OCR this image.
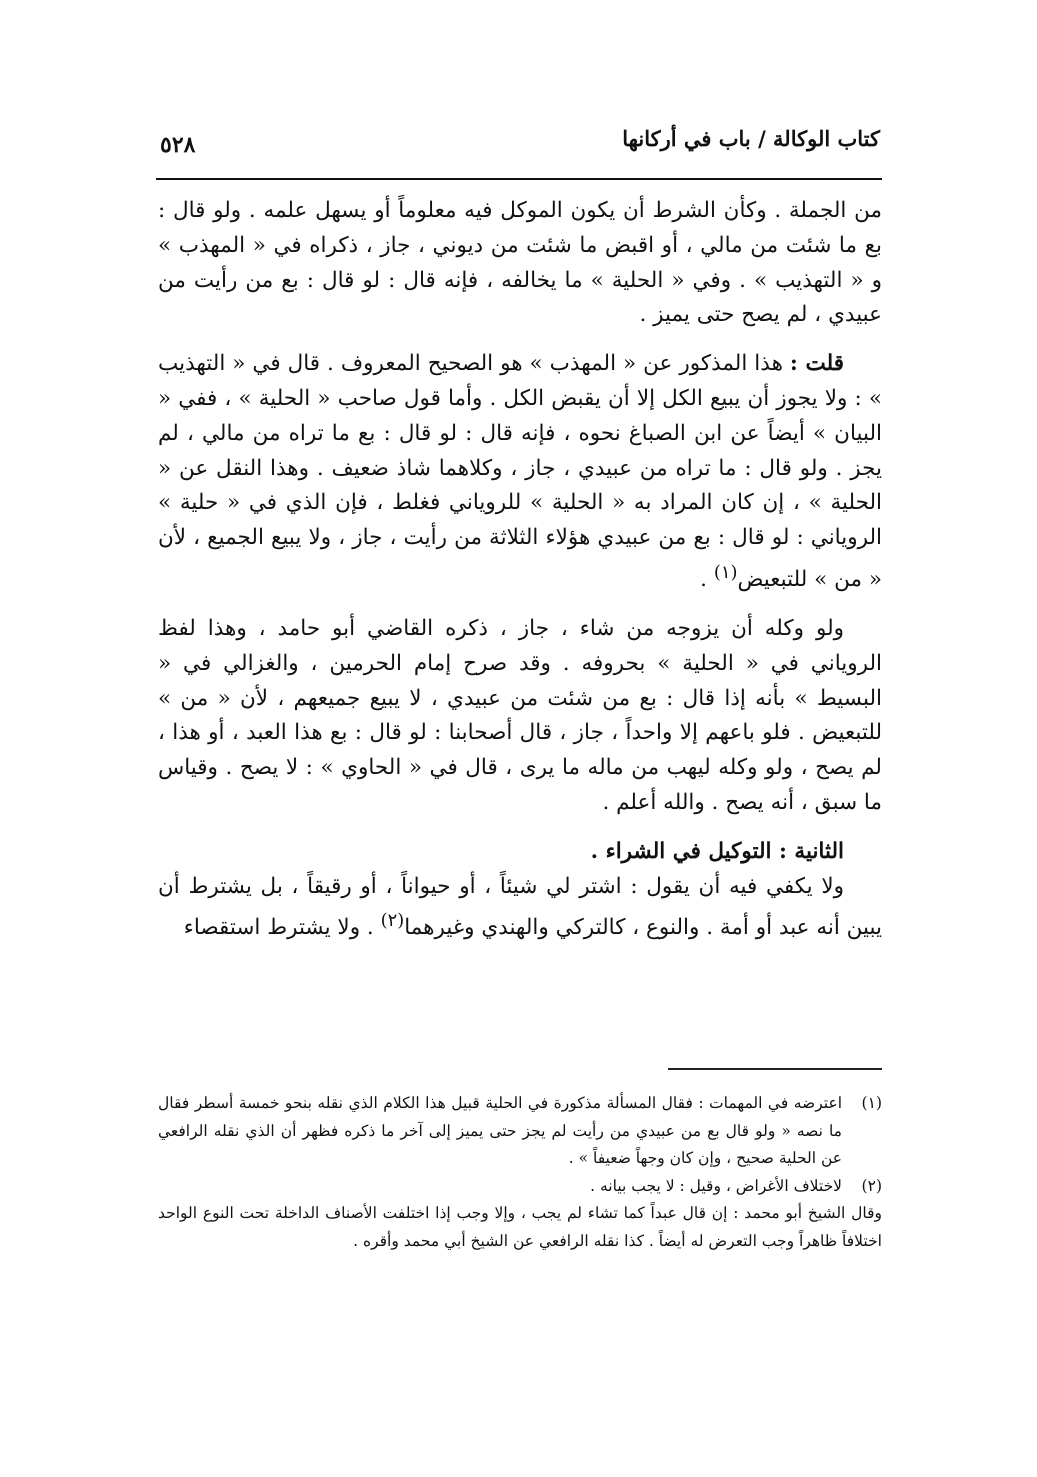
كتاب الوكالة / باب في أركانها
٥٢٨

من الجملة . وكأن الشرط أن يكون الموكل فيه معلوماً أو يسهل علمه . ولو قال : بع ما شئت من مالي ، أو اقبض ما شئت من ديوني ، جاز ، ذكراه في « المهذب » و « التهذيب » . وفي « الحلية » ما يخالفه ، فإنه قال : لو قال : بع من رأيت من عبيدي ، لم يصح حتى يميز .

قلت : هذا المذكور عن « المهذب » هو الصحيح المعروف . قال في « التهذيب » : ولا يجوز أن يبيع الكل إلا أن يقبض الكل . وأما قول صاحب « الحلية » ، ففي « البيان » أيضاً عن ابن الصباغ نحوه ، فإنه قال : لو قال : بع ما تراه من مالي ، لم يجز . ولو قال : ما تراه من عبيدي ، جاز ، وكلاهما شاذ ضعيف . وهذا النقل عن « الحلية » ، إن كان المراد به « الحلية » للروياني فغلط ، فإن الذي في « حلية » الروياني : لو قال : بع من عبيدي هؤلاء الثلاثة من رأيت ، جاز ، ولا يبيع الجميع ، لأن « من » للتبعيض$^{(١)}$ .

ولو وكله أن يزوجه من شاء ، جاز ، ذكره القاضي أبو حامد ، وهذا لفظ الروياني في « الحلية » بحروفه . وقد صرح إمام الحرمين ، والغزالي في « البسيط » بأنه إذا قال : بع من شئت من عبيدي ، لا يبيع جميعهم ، لأن « من » للتبعيض . فلو باعهم إلا واحداً ، جاز ، قال أصحابنا : لو قال : بع هذا العبد ، أو هذا ، لم يصح ، ولو وكله ليهب من ماله ما يرى ، قال في « الحاوي » : لا يصح . وقياس ما سبق ، أنه يصح . والله أعلم .

الثانية : التوكيل في الشراء .

ولا يكفي فيه أن يقول : اشتر لي شيئاً ، أو حيواناً ، أو رقيقاً ، بل يشترط أن يبين أنه عبد أو أمة . والنوع ، كالتركي والهندي وغيرهما$^{(٢)}$ . ولا يشترط استقصاء

(١)
اعترضه في المهمات : فقال المسألة مذكورة في الحلية قبيل هذا الكلام الذي نقله بنحو خمسة أسطر فقال ما نصه « ولو قال بع من عبيدي من رأيت لم يجز حتى يميز إلى آخر ما ذكره فظهر أن الذي نقله الرافعي عن الحلية صحيح ، وإن كان وجهاً ضعيفاً » .

(٢)
لاختلاف الأغراض ، وقيل : لا يجب بيانه .

وقال الشيخ أبو محمد : إن قال عبداً كما تشاء لم يجب ، وإلا وجب إذا اختلفت الأصناف الداخلة تحت النوع الواحد اختلافاً ظاهراً وجب التعرض له أيضاً . كذا نقله الرافعي عن الشيخ أبي محمد وأقره .
